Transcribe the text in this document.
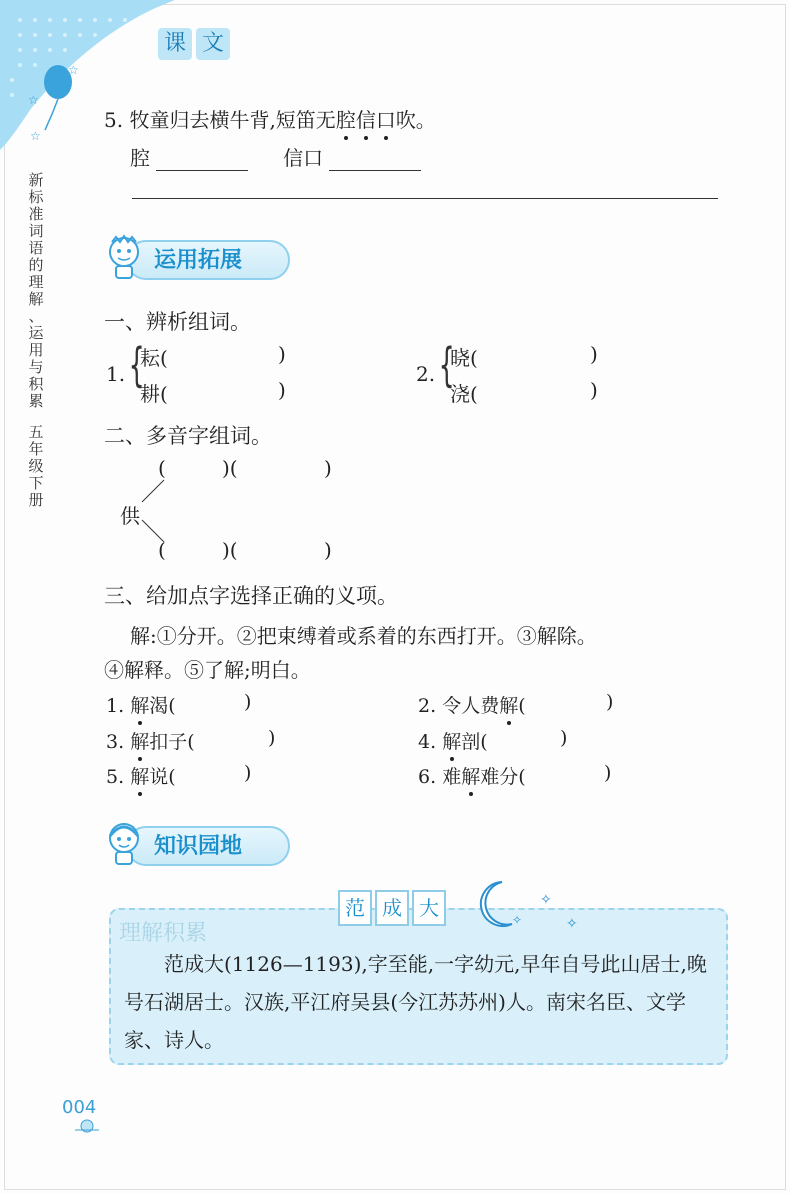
☆
☆
☆
课 文
新
标
准
词
语
的
理
解
、
运
用
与
积
累
五
年
级
下
册
5. 牧童归去横牛背,短笛无腔信口吹。
腔	信口
运用拓展
一、辨析组词。
1. {
耘(	)
耕(	)
2. {
晓(	)
浇(	)
二、多音字组词。
(	)(	)
供
(	)(	)
三、给加点字选择正确的义项。
解:①分开。②把束缚着或系着的东西打开。③解除。
④解释。⑤了解;明白。
1. 解渴(	)	2. 令人费解(	)
3. 解扣子(	)	4. 解剖(	)
5. 解说(	)	6. 难解难分(	)
知识园地
理解积累
范 成 大	✧
✧	✧
范成大(1126—1193),字至能,一字幼元,早年自号此山居士,晚号石湖居士。汉族,平江府吴县(今江苏苏州)人。南宋名臣、文学家、诗人。
004
